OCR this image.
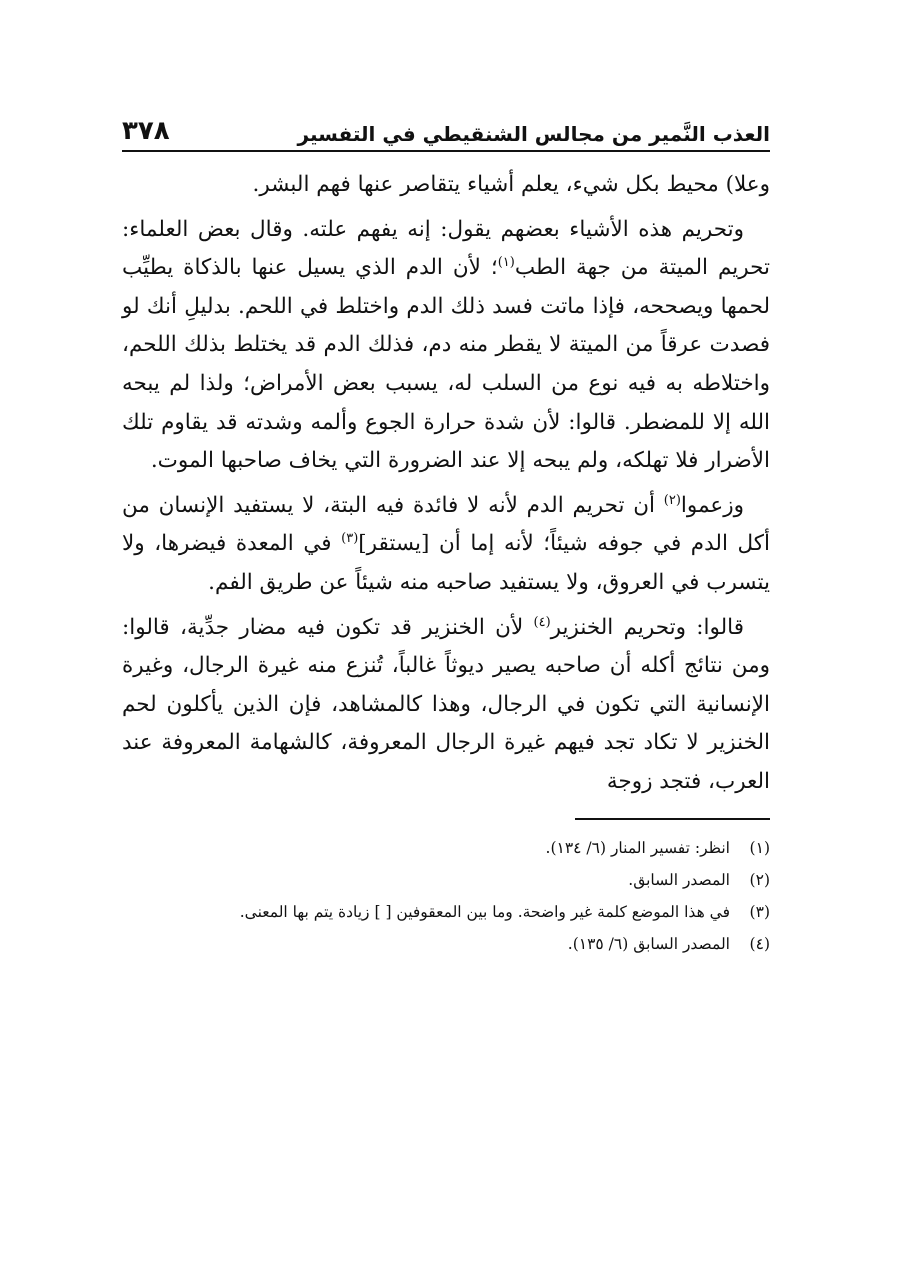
العذب النَّمير من مجالس الشنقيطي في التفسير
٣٧٨

وعلا) محيط بكل شيء، يعلم أشياء يتقاصر عنها فهم البشر.

وتحريم هذه الأشياء بعضهم يقول: إنه يفهم علته. وقال بعض العلماء: تحريم الميتة من جهة الطب$^{(١)}$؛ لأن الدم الذي يسيل عنها بالذكاة يطيِّب لحمها ويصححه، فإذا ماتت فسد ذلك الدم واختلط في اللحم. بدليلِ أنك لو فصدت عرقاً من الميتة لا يقطر منه دم، فذلك الدم قد يختلط بذلك اللحم، واختلاطه به فيه نوع من السلب له، يسبب بعض الأمراض؛ ولذا لم يبحه الله إلا للمضطر. قالوا: لأن شدة حرارة الجوع وألمه وشدته قد يقاوم تلك الأضرار فلا تهلكه، ولم يبحه إلا عند الضرورة التي يخاف صاحبها الموت.

وزعموا$^{(٢)}$ أن تحريم الدم لأنه لا فائدة فيه البتة، لا يستفيد الإنسان من أكل الدم في جوفه شيئاً؛ لأنه إما أن [يستقر]$^{(٣)}$ في المعدة فيضرها، ولا يتسرب في العروق، ولا يستفيد صاحبه منه شيئاً عن طريق الفم.

قالوا: وتحريم الخنزير$^{(٤)}$ لأن الخنزير قد تكون فيه مضار جدِّية، قالوا: ومن نتائج أكله أن صاحبه يصير ديوثاً غالباً، تُنزع منه غيرة الرجال، وغيرة الإنسانية التي تكون في الرجال، وهذا كالمشاهد، فإن الذين يأكلون لحم الخنزير لا تكاد تجد فيهم غيرة الرجال المعروفة، كالشهامة المعروفة عند العرب، فتجد زوجة

(١)
انظر: تفسير المنار (٦/ ١٣٤).
(٢)
المصدر السابق.
(٣)
في هذا الموضع كلمة غير واضحة. وما بين المعقوفين [ ] زيادة يتم بها المعنى.
(٤)
المصدر السابق (٦/ ١٣٥).
